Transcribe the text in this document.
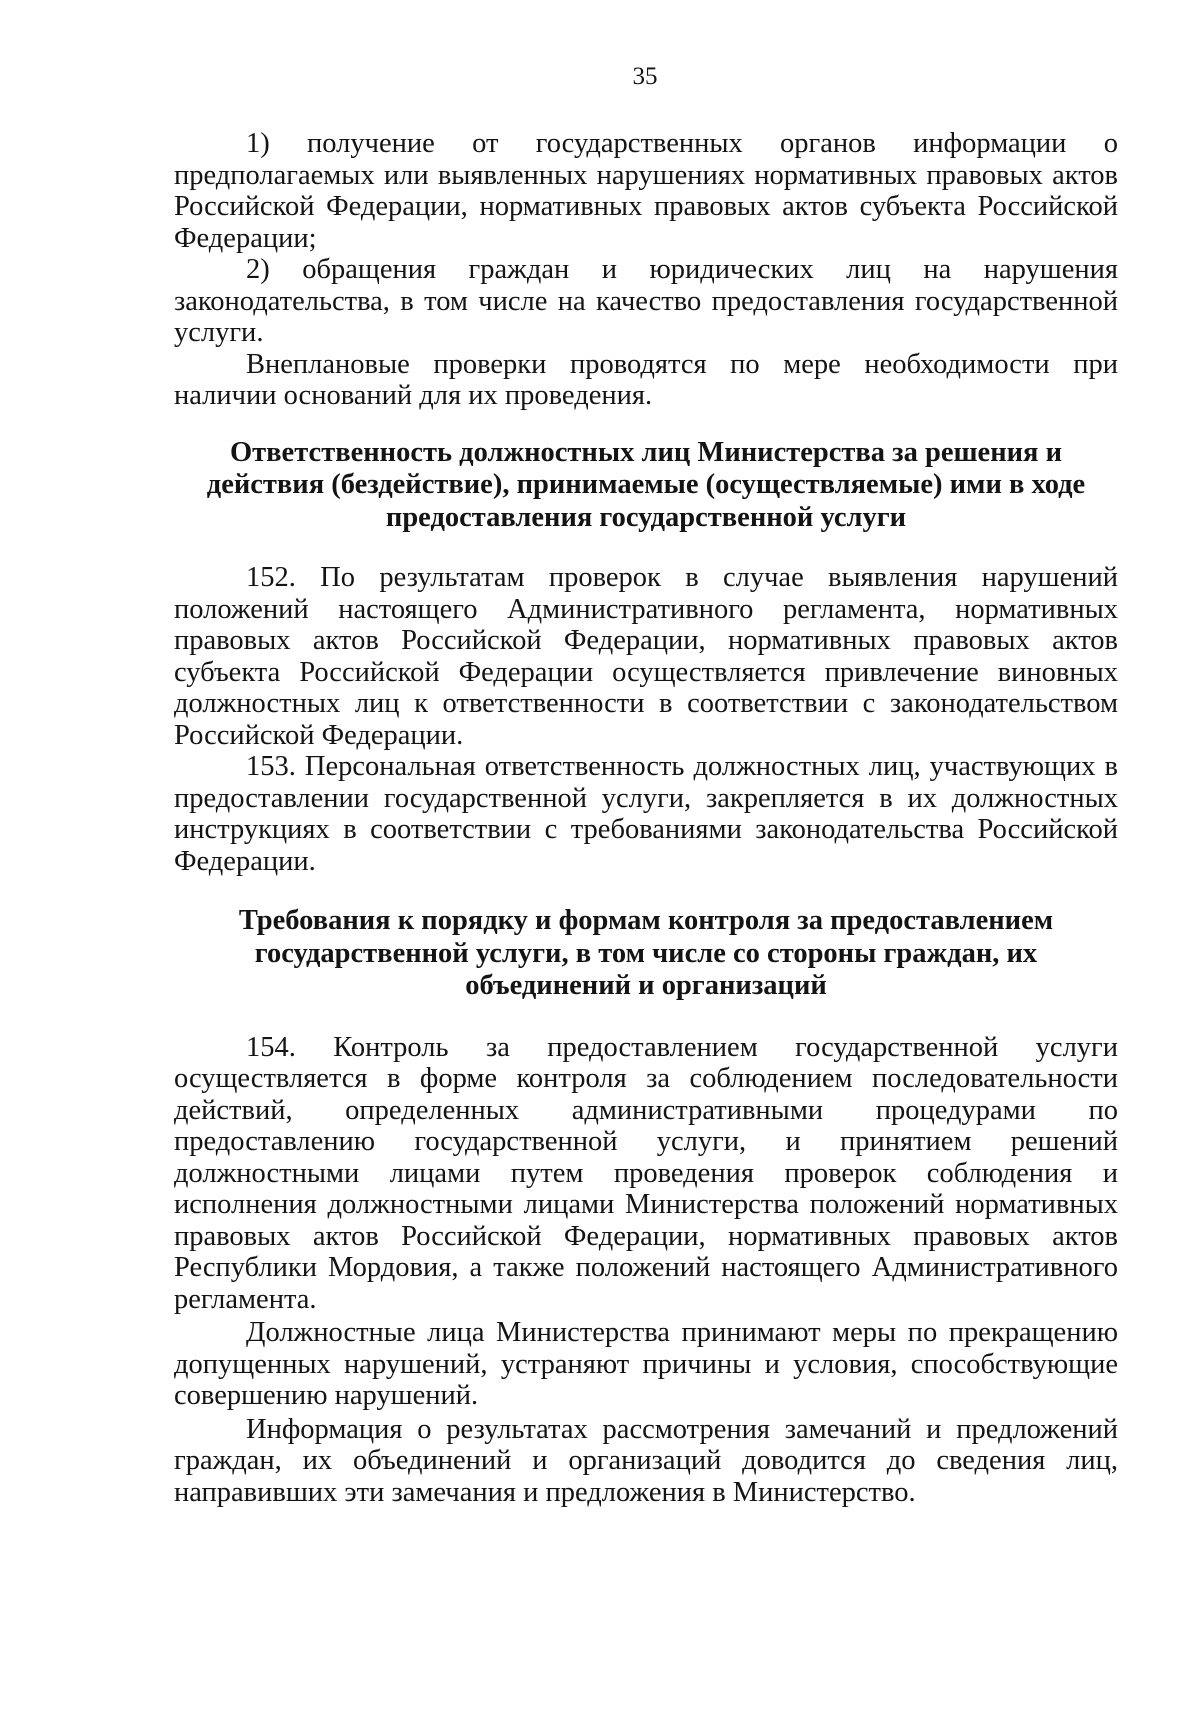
35

1) получение от государственных органов информации о предполагаемых или выявленных нарушениях нормативных правовых актов Российской Федерации, нормативных правовых актов субъекта Российской Федерации;

2) обращения граждан и юридических лиц на нарушения законодательства, в том числе на качество предоставления государственной услуги.

Внеплановые проверки проводятся по мере необходимости при наличии оснований для их проведения.

Ответственность должностных лиц Министерства за решения и действия (бездействие), принимаемые (осуществляемые) ими в ходе предоставления государственной услуги

152. По результатам проверок в случае выявления нарушений положений настоящего Административного регламента, нормативных правовых актов Российской Федерации, нормативных правовых актов субъекта Российской Федерации осуществляется привлечение виновных должностных лиц к ответственности в соответствии с законодательством Российской Федерации.

153. Персональная ответственность должностных лиц, участвующих в предоставлении государственной услуги, закрепляется в их должностных инструкциях в соответствии с требованиями законодательства Российской Федерации.

Требования к порядку и формам контроля за предоставлением государственной услуги, в том числе со стороны граждан, их объединений и организаций

154. Контроль за предоставлением государственной услуги осуществляется в форме контроля за соблюдением последовательности действий, определенных административными процедурами по предоставлению государственной услуги, и принятием решений должностными лицами путем проведения проверок соблюдения и исполнения должностными лицами Министерства положений нормативных правовых актов Российской Федерации, нормативных правовых актов Республики Мордовия, а также положений настоящего Административного регламента.

Должностные лица Министерства принимают меры по прекращению допущенных нарушений, устраняют причины и условия, способствующие совершению нарушений.

Информация о результатах рассмотрения замечаний и предложений граждан, их объединений и организаций доводится до сведения лиц, направивших эти замечания и предложения в Министерство.
